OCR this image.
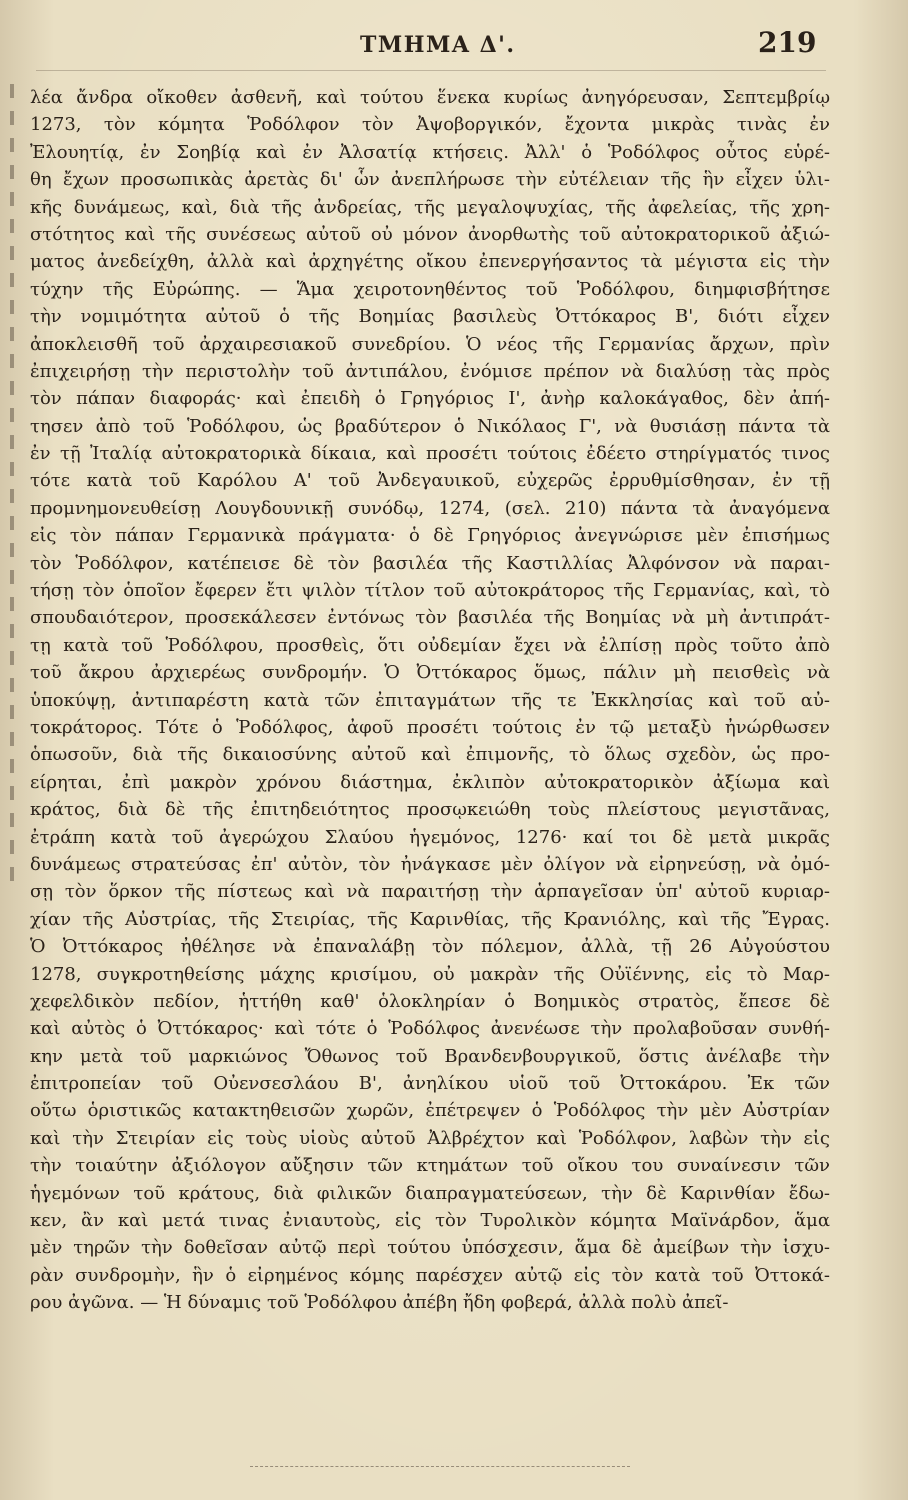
ΤΜΗΜΑ Δ'.	219
λέα ἄνδρα οἴκοθεν ἀσθενῆ, καὶ τούτου ἕνεκα κυρίως ἀνηγόρευσαν, Σεπτεμβρίῳ
1273, τὸν κόμητα Ῥοδόλφον τὸν Ἀψοβοργικόν, ἔχοντα μικρὰς τινὰς ἐν
Ἐλουητίᾳ, ἐν Σοηβίᾳ καὶ ἐν Ἀλσατίᾳ κτήσεις. Ἀλλ' ὁ Ῥοδόλφος οὗτος εὑρέ-
θη ἔχων προσωπικὰς ἀρετὰς δι' ὧν ἀνεπλήρωσε τὴν εὐτέλειαν τῆς ἣν εἶχεν ὑλι-
κῆς δυνάμεως, καὶ, διὰ τῆς ἀνδρείας, τῆς μεγαλοψυχίας, τῆς ἀφελείας, τῆς χρη-
στότητος καὶ τῆς συνέσεως αὐτοῦ οὐ μόνον ἀνορθωτὴς τοῦ αὐτοκρατορικοῦ ἀξιώ-
ματος ἀνεδείχθη, ἀλλὰ καὶ ἀρχηγέτης οἴκου ἐπενεργήσαντος τὰ μέγιστα εἰς τὴν
τύχην τῆς Εὐρώπης. — Ἅμα χειροτονηθέντος τοῦ Ῥοδόλφου, διημφισβήτησε
τὴν νομιμότητα αὐτοῦ ὁ τῆς Βοημίας βασιλεὺς Ὀττόκαρος Β', διότι εἶχεν
ἀποκλεισθῆ τοῦ ἀρχαιρεσιακοῦ συνεδρίου. Ὁ νέος τῆς Γερμανίας ἄρχων, πρὶν
ἐπιχειρήσῃ τὴν περιστολὴν τοῦ ἀντιπάλου, ἐνόμισε πρέπον νὰ διαλύσῃ τὰς πρὸς
τὸν πάπαν διαφοράς· καὶ ἐπειδὴ ὁ Γρηγόριος Ι', ἀνὴρ καλοκάγαθος, δὲν ἀπή-
τησεν ἀπὸ τοῦ Ῥοδόλφου, ὡς βραδύτερον ὁ Νικόλαος Γ', νὰ θυσιάσῃ πάντα τὰ
ἐν τῇ Ἰταλίᾳ αὐτοκρατορικὰ δίκαια, καὶ προσέτι τούτοις ἐδέετο στηρίγματός τινος
τότε κατὰ τοῦ Καρόλου Α' τοῦ Ἀνδεγαυικοῦ, εὐχερῶς ἐρρυθμίσθησαν, ἐν τῇ
προμνημονευθείσῃ Λουγδουνικῇ συνόδῳ, 1274, (σελ. 210) πάντα τὰ ἀναγόμενα
εἰς τὸν πάπαν Γερμανικὰ πράγματα· ὁ δὲ Γρηγόριος ἀνεγνώρισε μὲν ἐπισήμως
τὸν Ῥοδόλφον, κατέπεισε δὲ τὸν βασιλέα τῆς Καστιλλίας Ἀλφόνσον νὰ παραι-
τήσῃ τὸν ὁποῖον ἔφερεν ἔτι ψιλὸν τίτλον τοῦ αὐτοκράτορος τῆς Γερμανίας, καὶ, τὸ
σπουδαιότερον, προσεκάλεσεν ἐντόνως τὸν βασιλέα τῆς Βοημίας νὰ μὴ ἀντιπράτ-
τῃ κατὰ τοῦ Ῥοδόλφου, προσθεὶς, ὅτι οὐδεμίαν ἔχει νὰ ἐλπίσῃ πρὸς τοῦτο ἀπὸ
τοῦ ἄκρου ἀρχιερέως συνδρομήν. Ὁ Ὀττόκαρος ὅμως, πάλιν μὴ πεισθεὶς νὰ
ὑποκύψῃ, ἀντιπαρέστη κατὰ τῶν ἐπιταγμάτων τῆς τε Ἐκκλησίας καὶ τοῦ αὐ-
τοκράτορος. Τότε ὁ Ῥοδόλφος, ἀφοῦ προσέτι τούτοις ἐν τῷ μεταξὺ ἠνώρθωσεν
ὁπωσοῦν, διὰ τῆς δικαιοσύνης αὐτοῦ καὶ ἐπιμονῆς, τὸ ὅλως σχεδὸν, ὡς προ-
είρηται, ἐπὶ μακρὸν χρόνου διάστημα, ἐκλιπὸν αὐτοκρατορικὸν ἀξίωμα καὶ
κράτος, διὰ δὲ τῆς ἐπιτηδειότητος προσῳκειώθη τοὺς πλείστους μεγιστᾶνας,
ἐτράπη κατὰ τοῦ ἀγερώχου Σλαύου ἡγεμόνος, 1276· καί τοι δὲ μετὰ μικρᾶς
δυνάμεως στρατεύσας ἐπ' αὐτὸν, τὸν ἠνάγκασε μὲν ὀλίγον νὰ εἰρηνεύσῃ, νὰ ὀμό-
σῃ τὸν ὅρκον τῆς πίστεως καὶ νὰ παραιτήσῃ τὴν ἁρπαγεῖσαν ὑπ' αὐτοῦ κυριαρ-
χίαν τῆς Αὐστρίας, τῆς Στειρίας, τῆς Καρινθίας, τῆς Κρανιόλης, καὶ τῆς Ἔγρας.
Ὁ Ὀττόκαρος ἠθέλησε νὰ ἐπαναλάβῃ τὸν πόλεμον, ἀλλὰ, τῇ 26 Αὐγούστου
1278, συγκροτηθείσης μάχης κρισίμου, οὐ μακρὰν τῆς Οὐϊέννης, εἰς τὸ Μαρ-
χεφελδικὸν πεδίον, ἡττήθη καθ' ὁλοκληρίαν ὁ Βοημικὸς στρατὸς, ἔπεσε δὲ
καὶ αὐτὸς ὁ Ὀττόκαρος· καὶ τότε ὁ Ῥοδόλφος ἀνενέωσε τὴν προλαβοῦσαν συνθή-
κην μετὰ τοῦ μαρκιώνος Ὄθωνος τοῦ Βρανδενβουργικοῦ, ὅστις ἀνέλαβε τὴν
ἐπιτροπείαν τοῦ Οὐενσεσλάου Β', ἀνηλίκου υἱοῦ τοῦ Ὀττοκάρου. Ἐκ τῶν
οὕτω ὁριστικῶς κατακτηθεισῶν χωρῶν, ἐπέτρεψεν ὁ Ῥοδόλφος τὴν μὲν Αὐστρίαν
καὶ τὴν Στειρίαν εἰς τοὺς υἱοὺς αὐτοῦ Ἀλβρέχτον καὶ Ῥοδόλφον, λαβὼν τὴν εἰς
τὴν τοιαύτην ἀξιόλογον αὔξησιν τῶν κτημάτων τοῦ οἴκου του συναίνεσιν τῶν
ἡγεμόνων τοῦ κράτους, διὰ φιλικῶν διαπραγματεύσεων, τὴν δὲ Καρινθίαν ἔδω-
κεν, ἂν καὶ μετά τινας ἐνιαυτοὺς, εἰς τὸν Τυρολικὸν κόμητα Μαϊνάρδον, ἅμα
μὲν τηρῶν τὴν δοθεῖσαν αὐτῷ περὶ τούτου ὑπόσχεσιν, ἅμα δὲ ἀμείβων τὴν ἰσχυ-
ρὰν συνδρομὴν, ἣν ὁ εἰρημένος κόμης παρέσχεν αὐτῷ εἰς τὸν κατὰ τοῦ Ὀττοκά-
ρου ἀγῶνα. — Ἡ δύναμις τοῦ Ῥοδόλφου ἀπέβη ἤδη φοβερά, ἀλλὰ πολὺ ἀπεῖ-
